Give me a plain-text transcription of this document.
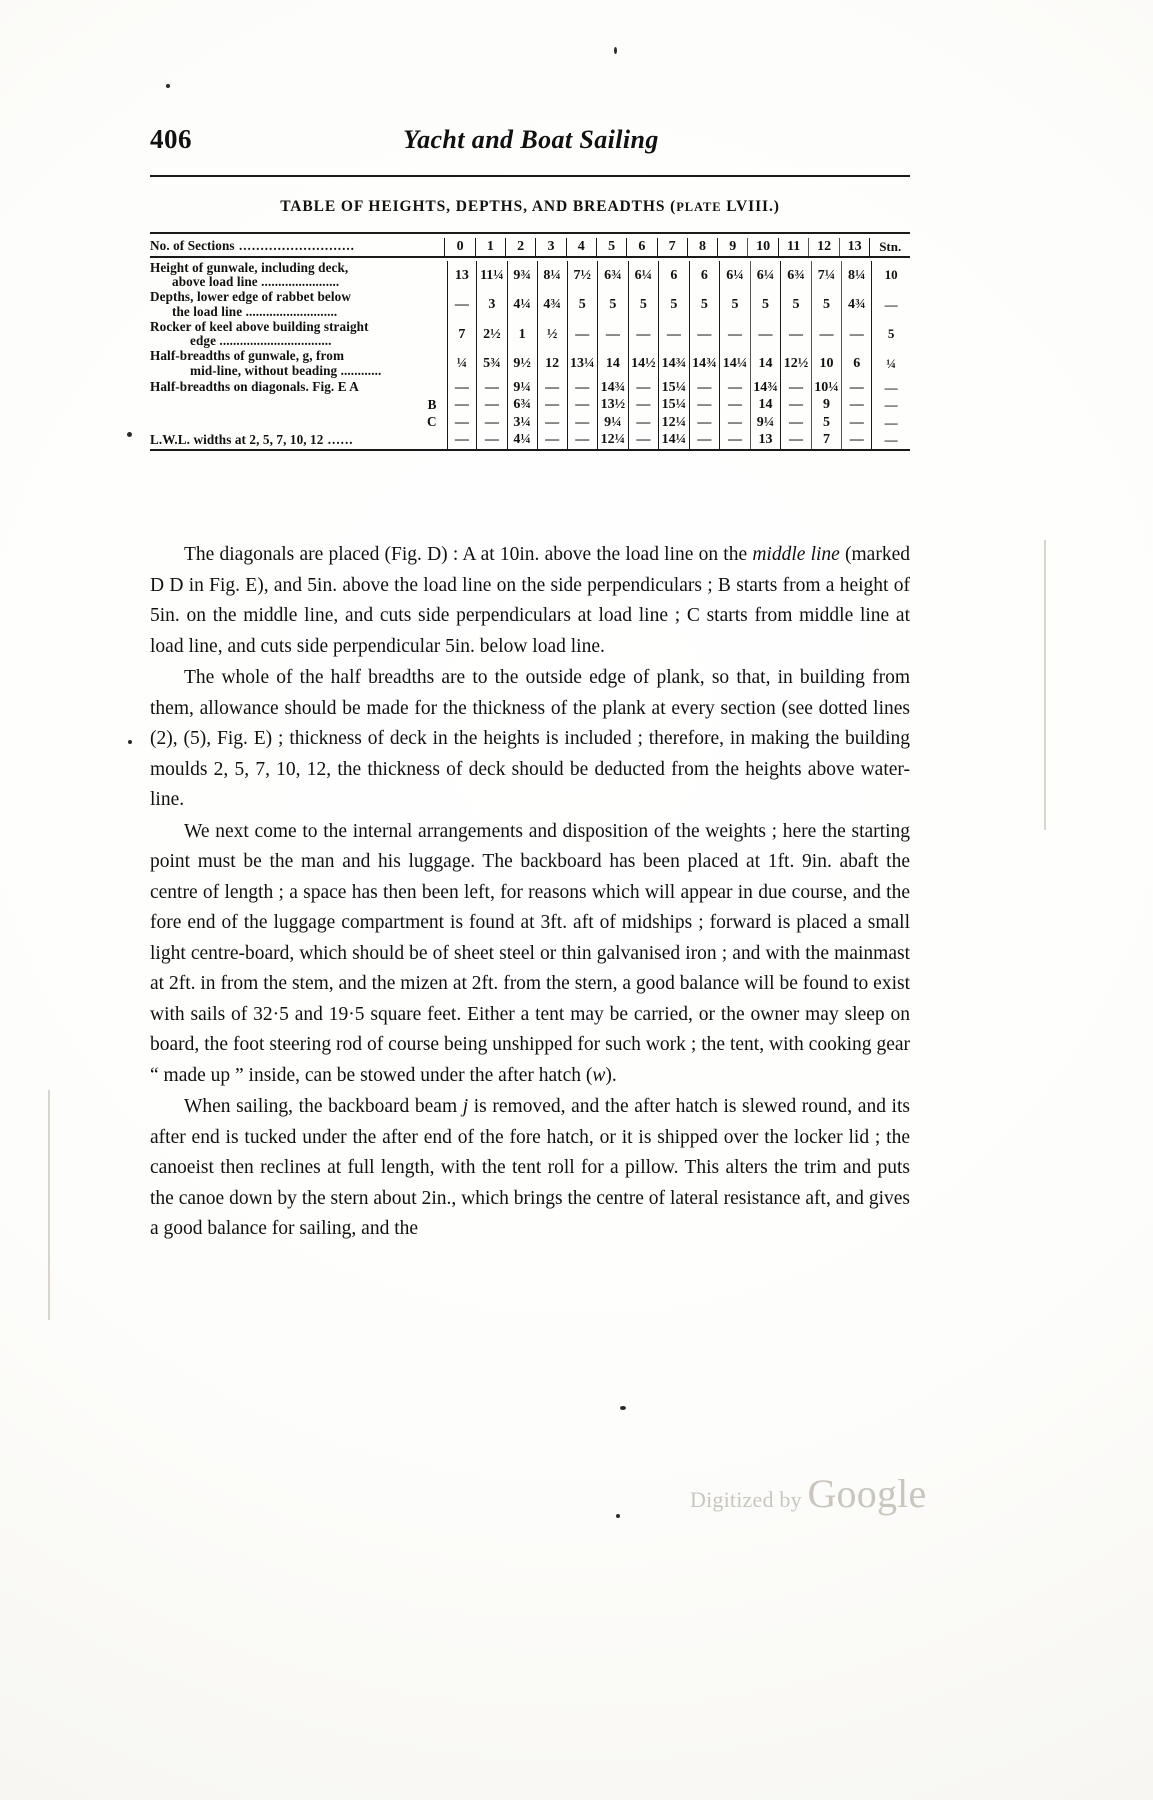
406	Yacht and Boat Sailing
TABLE OF HEIGHTS, DEPTHS, AND BREADTHS (PLATE LVIII.)

No. of Sections ...........................	0	1	2	3	4	5	6	7	8	9	10	11	12	13	Stn.

Height of gunwale, including deck,
above load line .......................	13	11¼	9¾	8¼	7½	6¾	6¼	6	6	6¼	6¼	6¾	7¼	8¼	10
Depths, lower edge of rabbet below
the load line ...........................	—	3	4¼	4¾	5	5	5	5	5	5	5	5	5	4¾	—
Rocker of keel above building straight
edge .................................	7	2½	1	½	—	—	—	—	—	—	—	—	—	—	5
Half-breadths of gunwale, g, from
mid-line, without beading ............	¼	5¾	9½	12	13¼	14	14½	14¾	14¾	14¼	14	12½	10	6	¼
Half-breadths on diagonals. Fig. E A	—	—	9¼	—	—	14¾	—	15¼	—	—	14¾	—	10¼	—	—
B	—	—	6¾	—	—	13½	—	15¼	—	—	14	—	9	—	—
C	—	—	3¼	—	—	9¼	—	12¼	—	—	9¼	—	5	—	—
L.W.L. widths at 2, 5, 7, 10, 12 ......	—	—	4¼	—	—	12¼	—	14¼	—	—	13	—	7	—	—

The diagonals are placed (Fig. D) : A at 10in. above the load line on the middle line (marked D D in Fig. E), and 5in. above the load line on the side perpendiculars ; B starts from a height of 5in. on the middle line, and cuts side perpendiculars at load line ; C starts from middle line at load line, and cuts side perpendicular 5in. below load line.

The whole of the half breadths are to the outside edge of plank, so that, in building from them, allowance should be made for the thickness of the plank at every section (see dotted lines (2), (5), Fig. E) ; thickness of deck in the heights is included ; therefore, in making the building moulds 2, 5, 7, 10, 12, the thickness of deck should be deducted from the heights above water-line.

We next come to the internal arrangements and disposition of the weights ; here the starting point must be the man and his luggage. The backboard has been placed at 1ft. 9in. abaft the centre of length ; a space has then been left, for reasons which will appear in due course, and the fore end of the luggage compartment is found at 3ft. aft of midships ; forward is placed a small light centre-board, which should be of sheet steel or thin galvanised iron ; and with the mainmast at 2ft. in from the stem, and the mizen at 2ft. from the stern, a good balance will be found to exist with sails of 32·5 and 19·5 square feet. Either a tent may be carried, or the owner may sleep on board, the foot steering rod of course being unshipped for such work ; the tent, with cooking gear “ made up ” inside, can be stowed under the after hatch (w).

When sailing, the backboard beam j is removed, and the after hatch is slewed round, and its after end is tucked under the after end of the fore hatch, or it is shipped over the locker lid ; the canoeist then reclines at full length, with the tent roll for a pillow. This alters the trim and puts the canoe down by the stern about 2in., which brings the centre of lateral resistance aft, and gives a good balance for sailing, and the

Digitized by Google
